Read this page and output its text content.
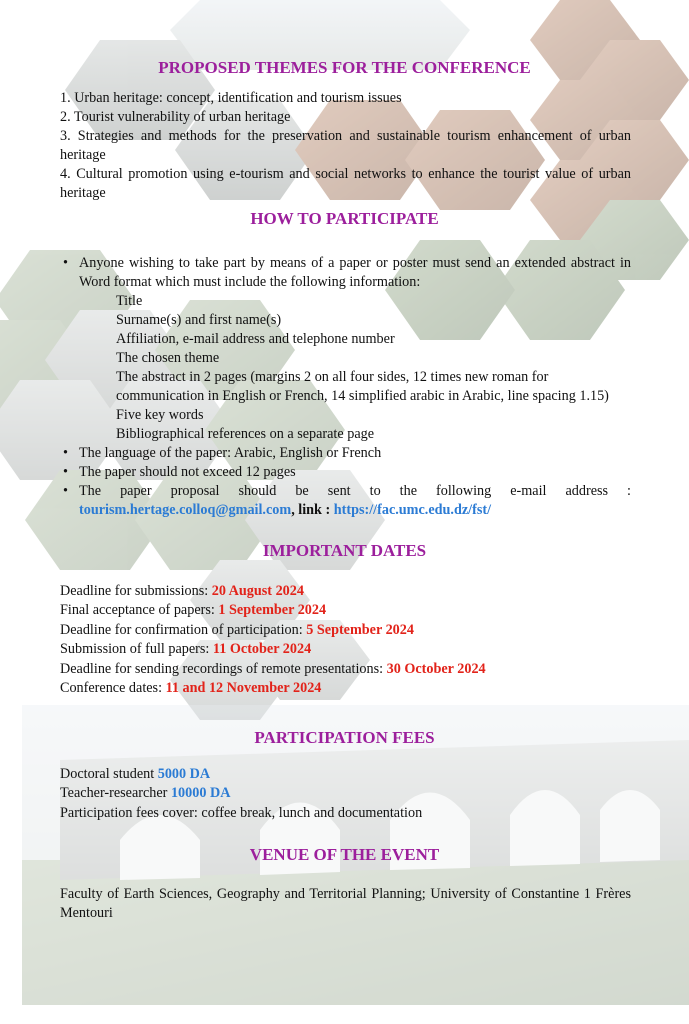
PROPOSED THEMES FOR THE CONFERENCE

1. Urban heritage: concept, identification and tourism issues

2. Tourist vulnerability of urban heritage

3. Strategies and methods for the preservation and sustainable tourism enhancement of urban heritage

4. Cultural promotion using e-tourism and social networks to enhance the tourist value of urban heritage

HOW TO PARTICIPATE
• Anyone wishing to take part by means of a paper or poster must send an extended abstract in Word format which must include the following information:

Title

Surname(s) and first name(s)

Affiliation, e-mail address and telephone number

The chosen theme

The abstract in 2 pages (margins 2 on all four sides, 12 times new roman for communication in English or French, 14 simplified arabic in Arabic, line spacing 1.15)

Five key words

Bibliographical references on a separate page

• The language of the paper: Arabic, English or French
• The paper should not exceed 12 pages
• The paper proposal should be sent to the following e-mail address :
tourism.hertage.colloq@gmail.com, link : https://fac.umc.edu.dz/fst/
IMPORTANT DATES

Deadline for submissions: 20 August 2024

Final acceptance of papers: 1 September 2024

Deadline for confirmation of participation: 5 September 2024

Submission of full papers: 11 October 2024

Deadline for sending recordings of remote presentations: 30 October 2024

Conference dates: 11 and 12 November 2024

PARTICIPATION FEES

Doctoral student 5000 DA

Teacher-researcher 10000 DA

Participation fees cover: coffee break, lunch and documentation

VENUE OF THE EVENT
Faculty of Earth Sciences, Geography and Territorial Planning; University of Constantine 1 Frères Mentouri
